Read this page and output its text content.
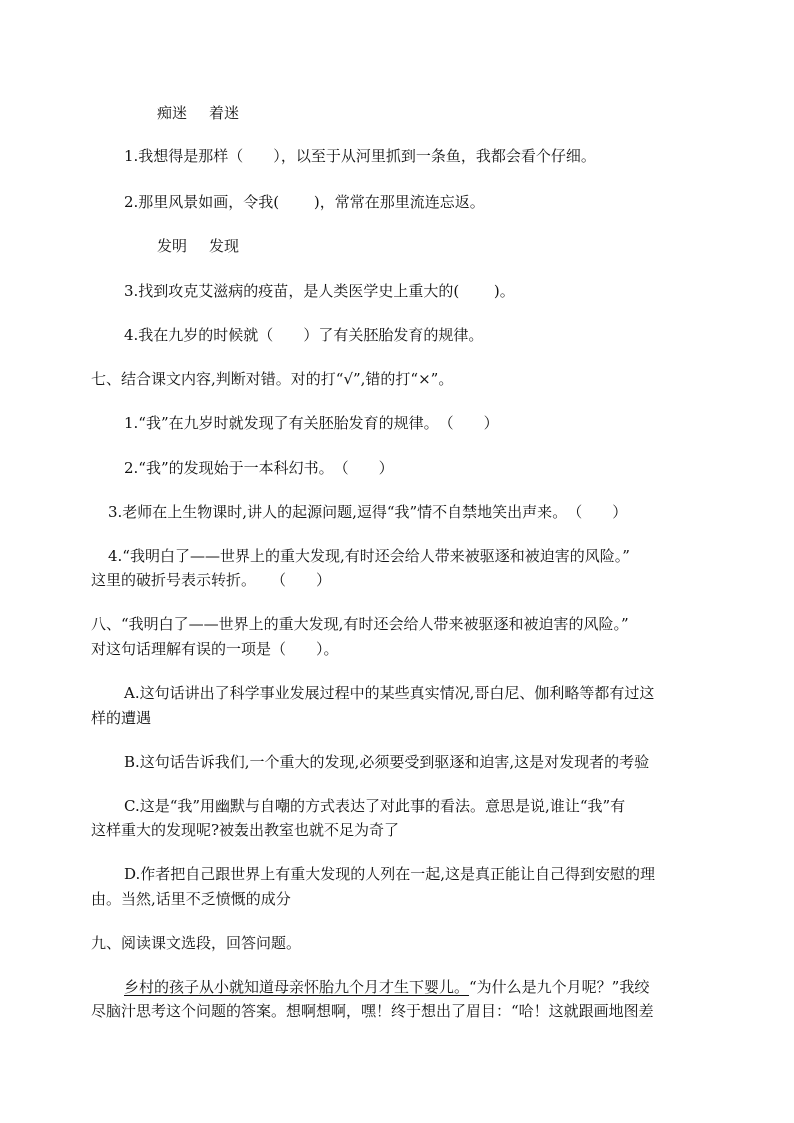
痴迷 着迷
1.我想得是那样（　　），以至于从河里抓到一条鱼，我都会看个仔细。
2.那里风景如画，令我(　　 )，常常在那里流连忘返。
发明 发现
3.找到攻克艾滋病的疫苗，是人类医学史上重大的(　　 )。
4.我在九岁的时候就（　　）了有关胚胎发育的规律。
七、结合课文内容,判断对错。对的打“√”,错的打“×”。
1.“我”在九岁时就发现了有关胚胎发育的规律。　（　　）
2.“我”的发现始于一本科幻书。　（　　）
3.老师在上生物课时,讲人的起源问题,逗得“我”情不自禁地笑出声来。　（　　）
4.“我明白了——世界上的重大发现,有时还会给人带来被驱逐和被迫害的风险。”
这里的破折号表示转折。　　（　　）
八、“我明白了——世界上的重大发现,有时还会给人带来被驱逐和被迫害的风险。”
对这句话理解有误的一项是（　　）。
A.这句话讲出了科学事业发展过程中的某些真实情况,哥白尼、伽利略等都有过这
样的遭遇
B.这句话告诉我们,一个重大的发现,必须要受到驱逐和迫害,这是对发现者的考验
C.这是“我”用幽默与自嘲的方式表达了对此事的看法。意思是说,谁让“我”有
这样重大的发现呢?被轰出教室也就不足为奇了
D.作者把自己跟世界上有重大发现的人列在一起,这是真正能让自己得到安慰的理
由。当然,话里不乏愤慨的成分
九、阅读课文选段，回答问题。
乡村的孩子从小就知道母亲怀胎九个月才生下婴儿。“为什么是九个月呢？”我绞
尽脑汁思考这个问题的答案。想啊想啊，嘿！终于想出了眉目：“哈！这就跟画地图差
